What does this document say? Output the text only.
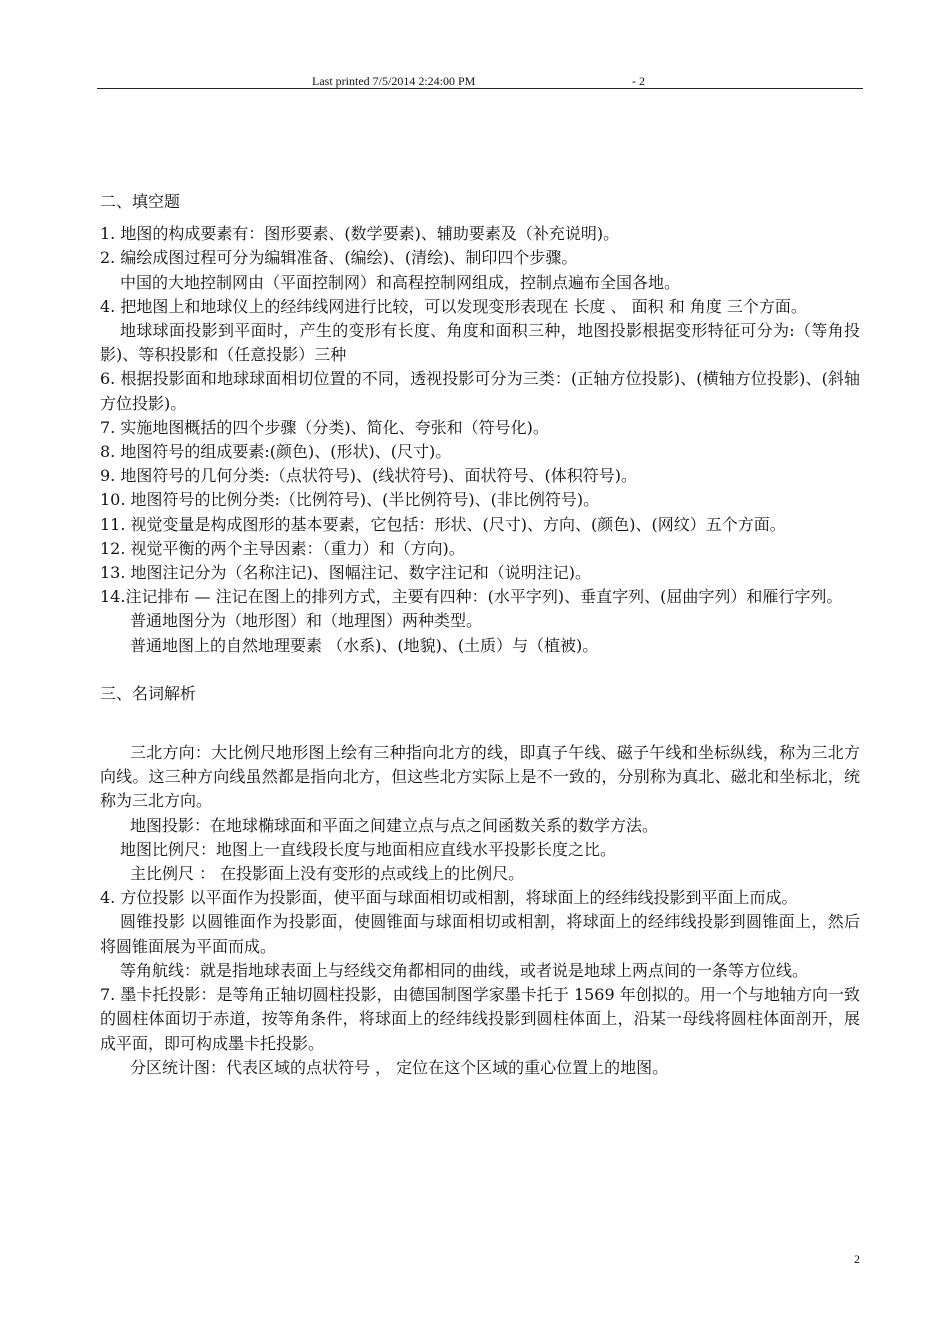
Last printed 7/5/2014 2:24:00 PM	- 2

二、填空题

1. 地图的构成要素有：图形要素、(数学要素)、辅助要素及（补充说明)。

2. 编绘成图过程可分为编辑准备、(编绘)、(清绘)、制印四个步骤。

中国的大地控制网由（平面控制网）和高程控制网组成，控制点遍布全国各地。

4. 把地图上和地球仪上的经纬线网进行比较，可以发现变形表现在 长度 、 面积 和 角度 三个方面。

地球球面投影到平面时，产生的变形有长度、角度和面积三种，地图投影根据变形特征可分为:（等角投影)、等积投影和（任意投影）三种

6. 根据投影面和地球球面相切位置的不同，透视投影可分为三类：(正轴方位投影)、(横轴方位投影)、(斜轴方位投影)。

7. 实施地图概括的四个步骤（分类)、简化、夸张和（符号化)。

8. 地图符号的组成要素:(颜色)、(形状)、(尺寸)。

9. 地图符号的几何分类:（点状符号)、(线状符号)、面状符号、(体积符号)。

10. 地图符号的比例分类:（比例符号)、(半比例符号)、(非比例符号)。

11. 视觉变量是构成图形的基本要素，它包括：形状、(尺寸)、方向、(颜色)、(网纹）五个方面。

12. 视觉平衡的两个主导因素：（重力）和（方向)。

13. 地图注记分为（名称注记)、图幅注记、数字注记和（说明注记)。

14.注记排布 — 注记在图上的排列方式，主要有四种：(水平字列)、垂直字列、(屈曲字列）和雁行字列。

普通地图分为（地形图）和（地理图）两种类型。

普通地图上的自然地理要素 （水系)、(地貌)、(土质）与（植被)。

三、名词解析

三北方向：大比例尺地形图上绘有三种指向北方的线，即真子午线、磁子午线和坐标纵线，称为三北方向线。这三种方向线虽然都是指向北方，但这些北方实际上是不一致的，分别称为真北、磁北和坐标北，统称为三北方向。

地图投影：在地球椭球面和平面之间建立点与点之间函数关系的数学方法。

地图比例尺：地图上一直线段长度与地面相应直线水平投影长度之比。

主比例尺 ： 在投影面上没有变形的点或线上的比例尺。

4. 方位投影 以平面作为投影面，使平面与球面相切或相割，将球面上的经纬线投影到平面上而成。

圆锥投影 以圆锥面作为投影面，使圆锥面与球面相切或相割，将球面上的经纬线投影到圆锥面上，然后将圆锥面展为平面而成。

等角航线：就是指地球表面上与经线交角都相同的曲线，或者说是地球上两点间的一条等方位线。

7. 墨卡托投影：是等角正轴切圆柱投影，由德国制图学家墨卡托于 1569 年创拟的。用一个与地轴方向一致的圆柱体面切于赤道，按等角条件，将球面上的经纬线投影到圆柱体面上，沿某一母线将圆柱体面剖开，展成平面，即可构成墨卡托投影。

分区统计图：代表区域的点状符号 ， 定位在这个区域的重心位置上的地图。

2
